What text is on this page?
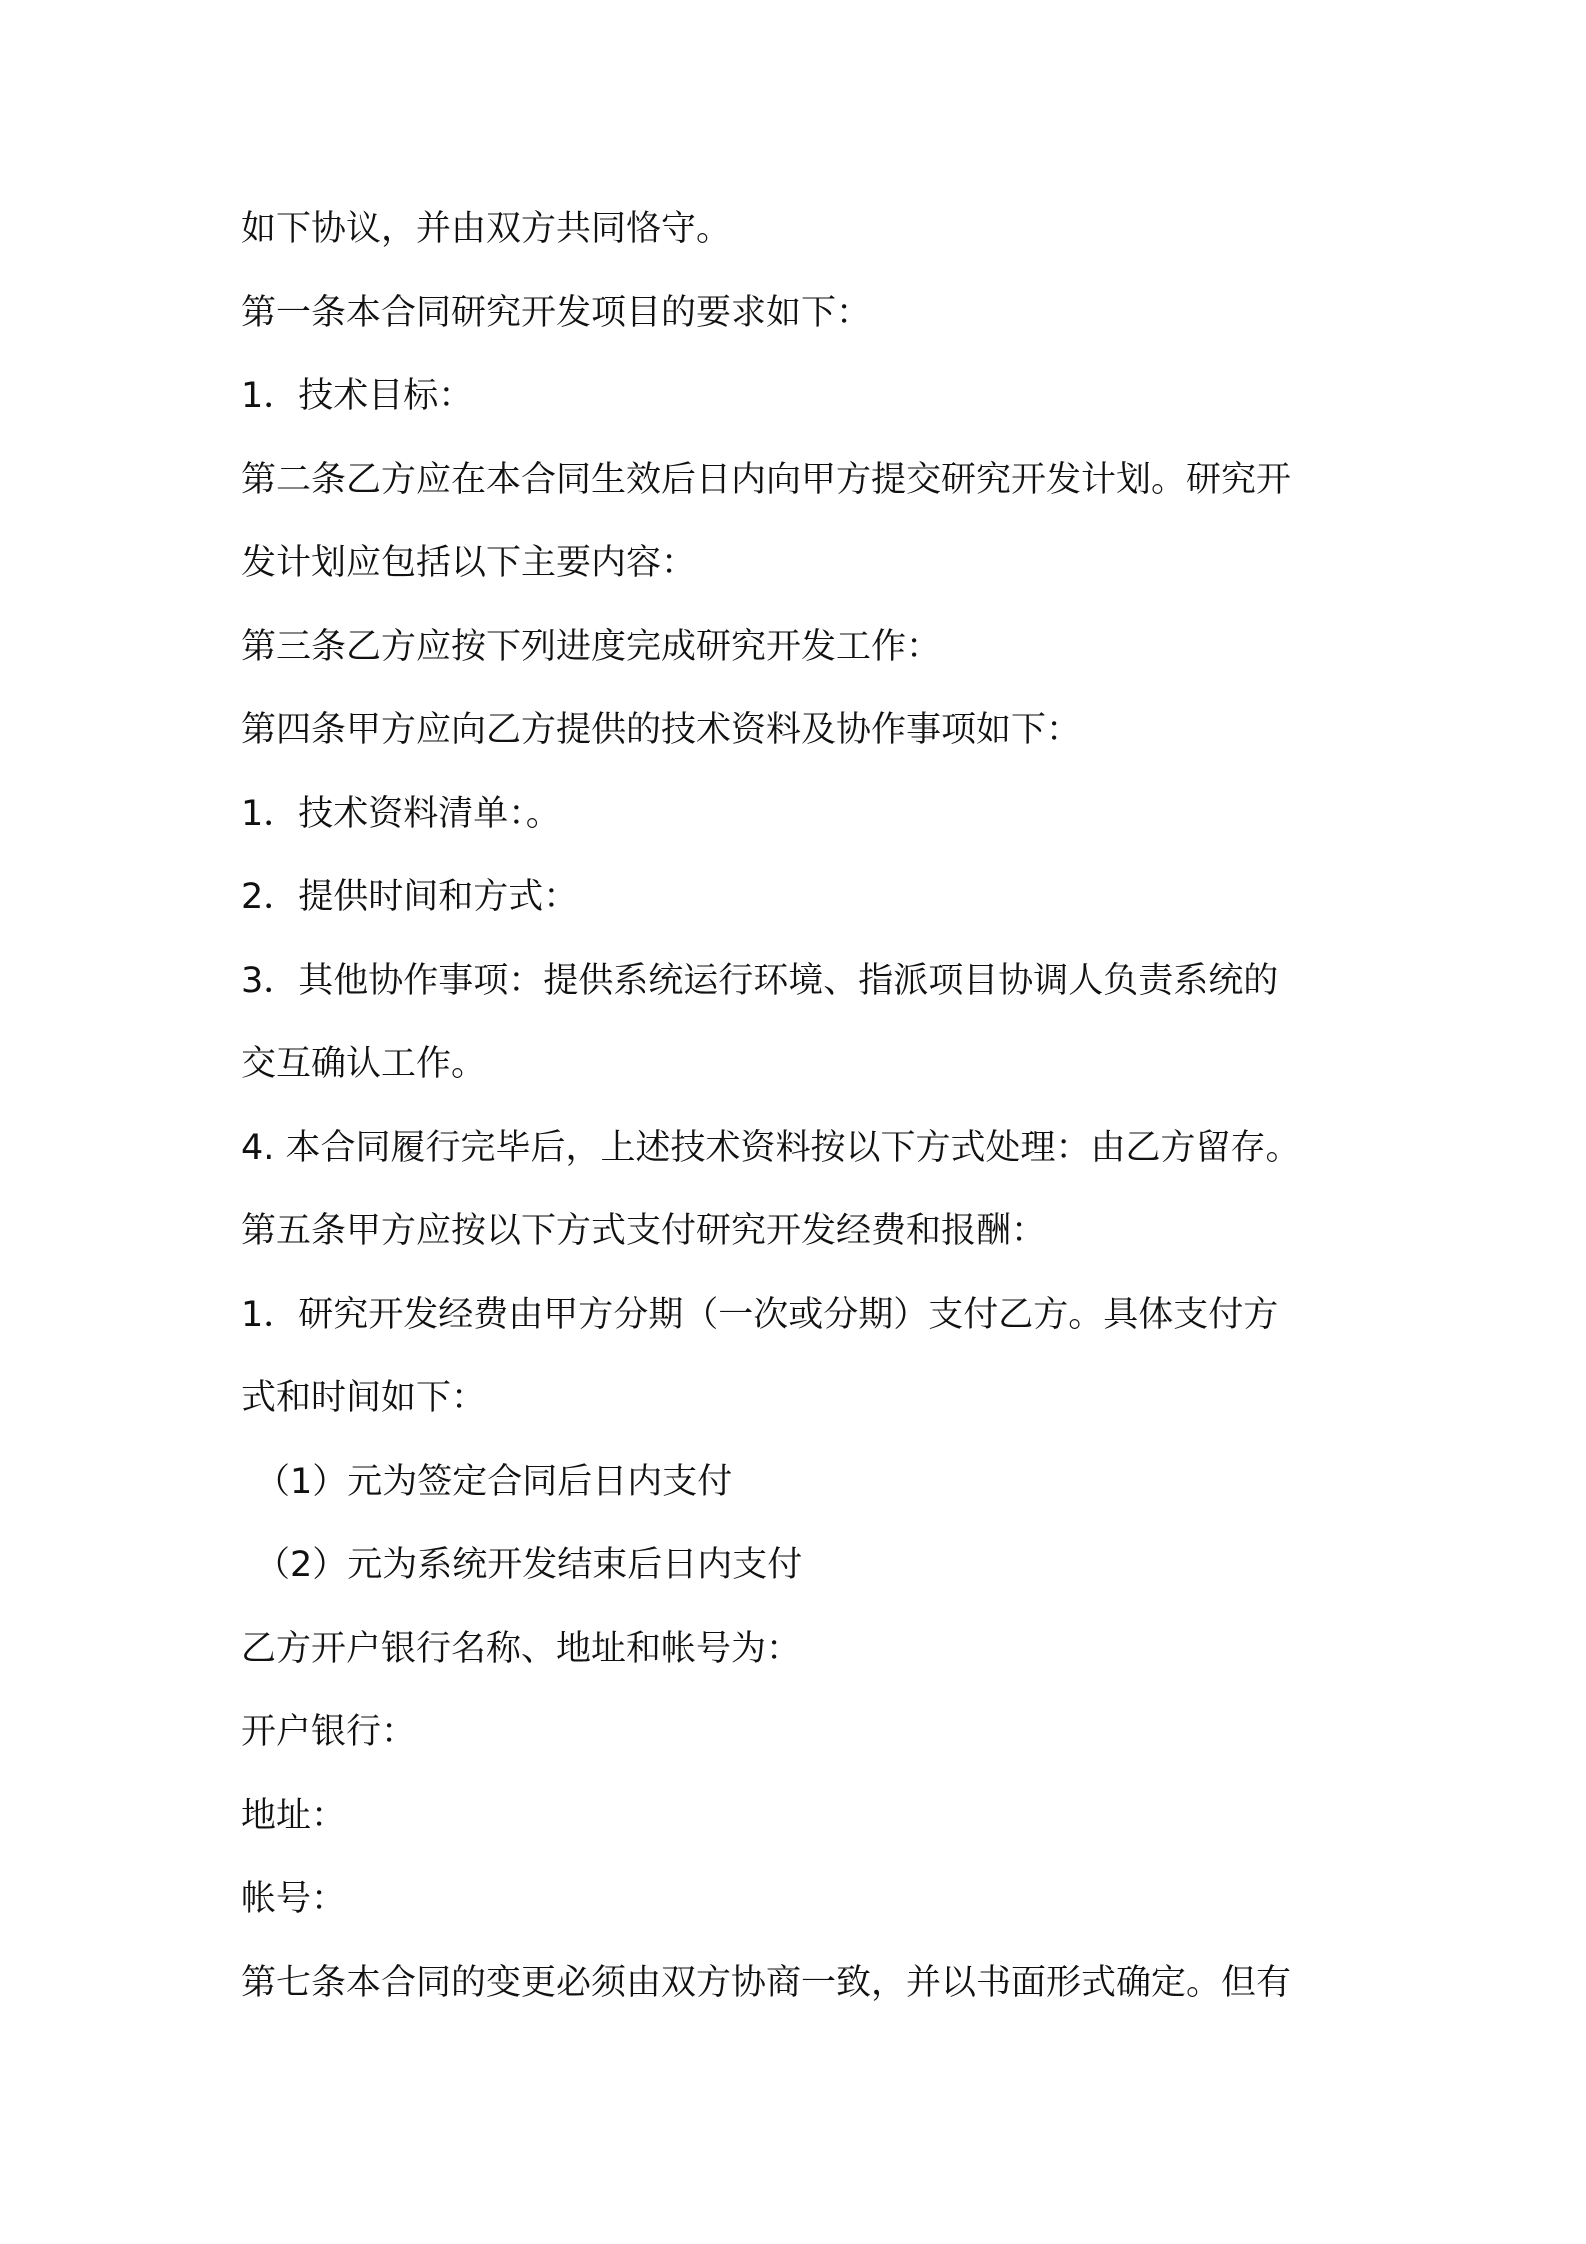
如下协议，并由双方共同恪守。
第一条本合同研究开发项目的要求如下：
1．技术目标：
第二条乙方应在本合同生效后日内向甲方提交研究开发计划。研究开
发计划应包括以下主要内容：
第三条乙方应按下列进度完成研究开发工作：
第四条甲方应向乙方提供的技术资料及协作事项如下：
1．技术资料清单：。
2．提供时间和方式：
3．其他协作事项：提供系统运行环境、指派项目协调人负责系统的
交互确认工作。
4. 本合同履行完毕后，上述技术资料按以下方式处理：由乙方留存。
第五条甲方应按以下方式支付研究开发经费和报酬：
1．研究开发经费由甲方分期（一次或分期）支付乙方。具体支付方
式和时间如下：
（1）元为签定合同后日内支付
（2）元为系统开发结束后日内支付
乙方开户银行名称、地址和帐号为：
开户银行：
地址：
帐号：
第七条本合同的变更必须由双方协商一致，并以书面形式确定。但有
